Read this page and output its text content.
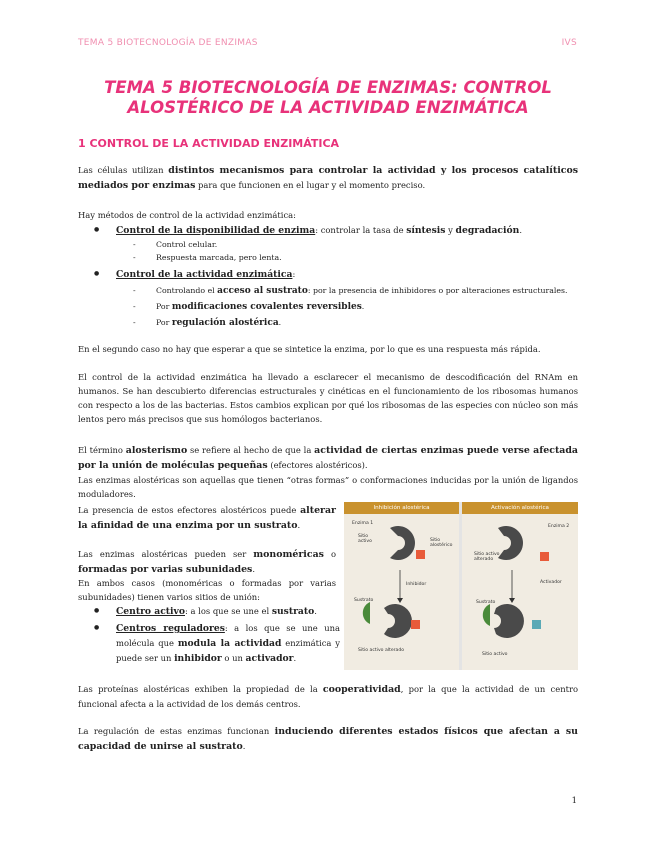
TEMA 5 BIOTECNOLOGÍA DE ENZIMAS	IVS
TEMA 5 BIOTECNOLOGÍA DE ENZIMAS: CONTROL
ALOSTÉRICO DE LA ACTIVIDAD ENZIMÁTICA
1 CONTROL DE LA ACTIVIDAD ENZIMÁTICA
Las células utilizan distintos mecanismos para controlar la actividad y los procesos catalíticos mediados por enzimas para que funcionen en el lugar y el momento preciso.
Hay métodos de control de la actividad enzimática:
● Control de la disponibilidad de enzima: controlar la tasa de síntesis y degradación.
- Control celular.
- Respuesta marcada, pero lenta.
● Control de la actividad enzimática:
- Controlando el acceso al sustrato: por la presencia de inhibidores o por alteraciones estructurales.
- Por modificaciones covalentes reversibles.
- Por regulación alostérica.
En el segundo caso no hay que esperar a que se sintetice la enzima, por lo que es una respuesta más rápida.
El control de la actividad enzimática ha llevado a esclarecer el mecanismo de descodificación del RNAm en humanos. Se han descubierto diferencias estructurales y cinéticas en el funcionamiento de los ribosomas humanos con respecto a los de las bacterias. Estos cambios explican por qué los ribosomas de las especies con núcleo son más lentos pero más precisos que sus homólogos bacterianos.
El término alosterismo se refiere al hecho de que la actividad de ciertas enzimas puede verse afectada por la unión de moléculas pequeñas (efectores alostéricos).
Las enzimas alostéricas son aquellas que tienen “otras formas” o conformaciones inducidas por la unión de ligandos moduladores.
La presencia de estos efectores alostéricos puede alterar la afinidad de una enzima por un sustrato.
Las enzimas alostéricas pueden ser monoméricas o formadas por varias subunidades.
En ambos casos (monoméricas o formadas por varias subunidades) tienen varios sitios de unión:
● Centro activo: a los que se une el sustrato.
● Centros reguladores: a los que se une una molécula que modula la actividad enzimática y puede ser un inhibidor o un activador.
Inhibición alostérica	Activación alostérica
Enzima 1
Sitio activo	Sitio alostérico
Inhibidor
Sustrato
Sitio activo alterado
Enzima 2
Sitio activo alterado
Activador
Sustrato
Sitio activo
Las proteínas alostéricas exhiben la propiedad de la cooperatividad, por la que la actividad de un centro funcional afecta a la actividad de los demás centros.
La regulación de estas enzimas funcionan induciendo diferentes estados físicos que afectan a su capacidad de unirse al sustrato.
1
